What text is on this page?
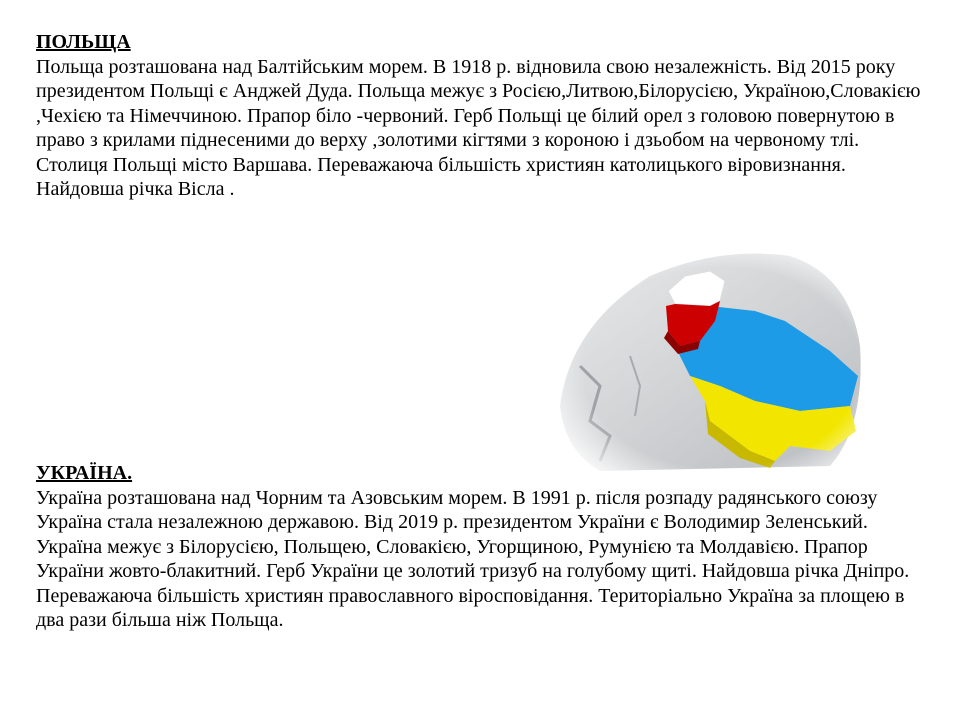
ПОЛЬЩА

Польща розташована над Балтійським морем. В 1918 р. відновила свою незалежність. Від 2015 року президентом Польщі є Анджей Дуда. Польща межує з Росією,Литвою,Білорусією, Україною,Словакією ,Чехією та Німеччиною. Прапор біло -червоний. Герб Польщі це білий орел з головою повернутою в право з крилами піднесеними до верху ,золотими кігтями з короною і дзьобом на червоному тлі. Столиця Польщі місто Варшава. Переважаюча більшість християн католицького віровизнання. Найдовша річка Вісла .

УКРАЇНА.

Україна розташована над Чорним та Азовським морем. В 1991 р. після розпаду радянського союзу Україна стала незалежною державою. Від 2019 р. президентом України є Володимир Зеленський. Україна межує з Білорусією, Польщею, Словакією, Угорщиною, Румунією та Молдавією. Прапор України жовто-блакитний. Герб України це золотий тризуб на голубому щиті. Найдовша річка Дніпро. Переважаюча більшість християн православного віросповідання. Територіально Україна за площею в два рази більша ніж Польща.
